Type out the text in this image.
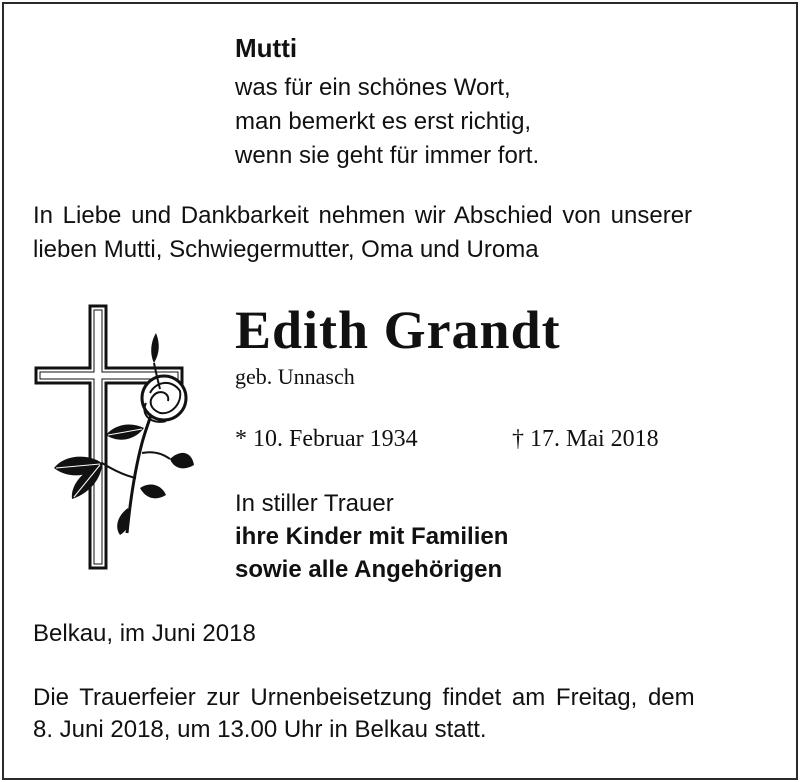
Mutti
was für ein schönes Wort,
man bemerkt es erst richtig,
wenn sie geht für immer fort.
In Liebe und Dankbarkeit nehmen wir Abschied von unserer
lieben Mutti, Schwiegermutter, Oma und Uroma
Edith Grandt
geb. Unnasch
* 10. Februar 1934	† 17. Mai 2018
In stiller Trauer
ihre Kinder mit Familien
sowie alle Angehörigen
Belkau, im Juni 2018
Die Trauerfeier zur Urnenbeisetzung findet am Freitag, dem
8. Juni 2018, um 13.00 Uhr in Belkau statt.
